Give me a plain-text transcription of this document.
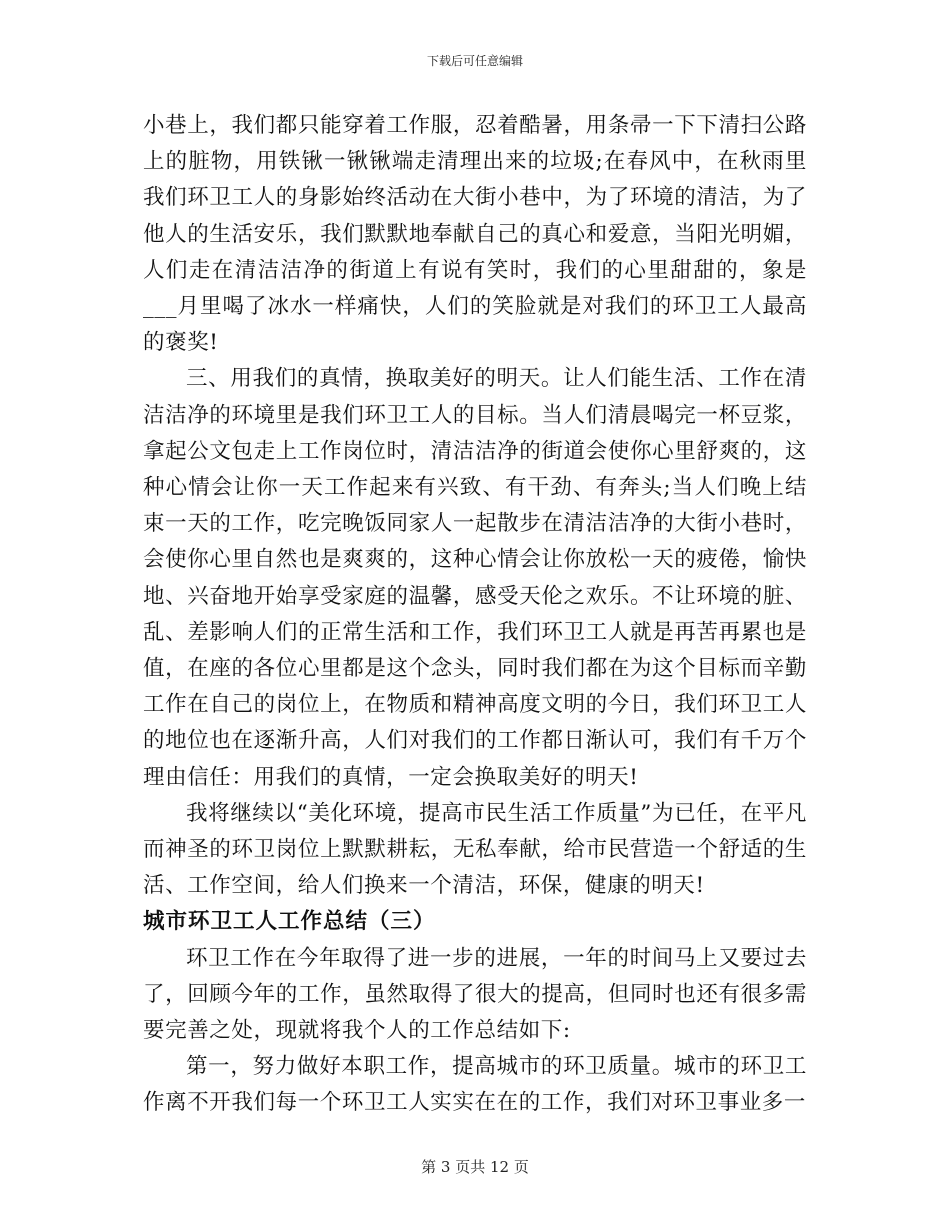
下载后可任意编辑

小巷上，我们都只能穿着工作服，忍着酷暑，用条帚一下下清扫公路上的脏物，用铁锹一锹锹端走清理出来的垃圾;在春风中，在秋雨里我们环卫工人的身影始终活动在大街小巷中，为了环境的清洁，为了他人的生活安乐，我们默默地奉献自己的真心和爱意，当阳光明媚，人们走在清洁洁净的街道上有说有笑时，我们的心里甜甜的，象是___月里喝了冰水一样痛快，人们的笑脸就是对我们的环卫工人最高的褒奖!

三、用我们的真情，换取美好的明天。让人们能生活、工作在清洁洁净的环境里是我们环卫工人的目标。当人们清晨喝完一杯豆浆，拿起公文包走上工作岗位时，清洁洁净的街道会使你心里舒爽的，这种心情会让你一天工作起来有兴致、有干劲、有奔头;当人们晚上结束一天的工作，吃完晚饭同家人一起散步在清洁洁净的大街小巷时，会使你心里自然也是爽爽的，这种心情会让你放松一天的疲倦，愉快地、兴奋地开始享受家庭的温馨，感受天伦之欢乐。不让环境的脏、乱、差影响人们的正常生活和工作，我们环卫工人就是再苦再累也是值，在座的各位心里都是这个念头，同时我们都在为这个目标而辛勤工作在自己的岗位上，在物质和精神高度文明的今日，我们环卫工人的地位也在逐渐升高，人们对我们的工作都日渐认可，我们有千万个理由信任：用我们的真情，一定会换取美好的明天!

我将继续以“美化环境，提高市民生活工作质量”为已任，在平凡而神圣的环卫岗位上默默耕耘，无私奉献，给市民营造一个舒适的生活、工作空间，给人们换来一个清洁，环保，健康的明天!

城市环卫工人工作总结（三）

环卫工作在今年取得了进一步的进展，一年的时间马上又要过去了，回顾今年的工作，虽然取得了很大的提高，但同时也还有很多需要完善之处，现就将我个人的工作总结如下:

第一，努力做好本职工作，提高城市的环卫质量。城市的环卫工作离不开我们每一个环卫工人实实在在的工作，我们对环卫事业多一

第 3 页共 12 页
